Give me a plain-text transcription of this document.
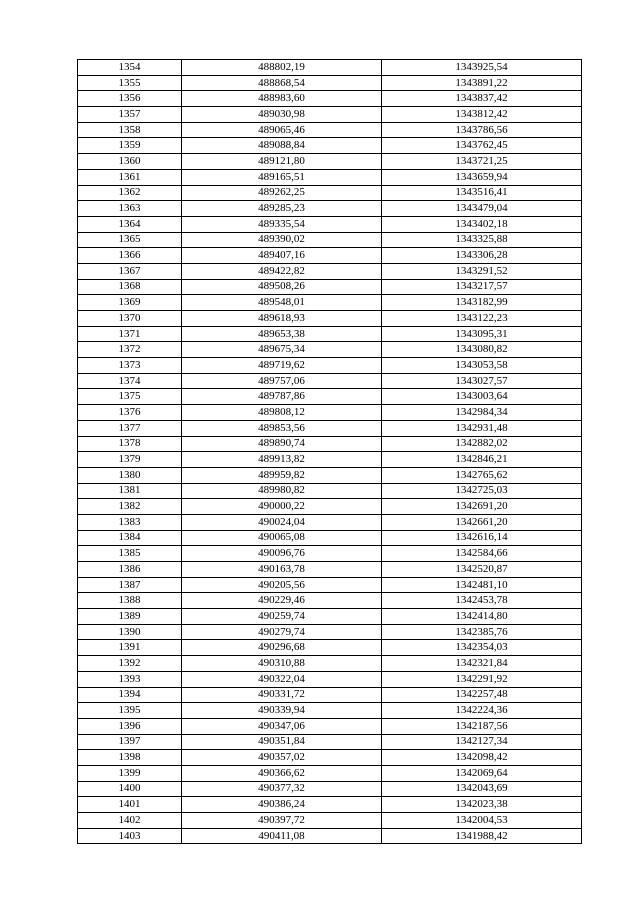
1354	488802,19	1343925,54
1355	488868,54	1343891,22
1356	488983,60	1343837,42
1357	489030,98	1343812,42
1358	489065,46	1343786,56
1359	489088,84	1343762,45
1360	489121,80	1343721,25
1361	489165,51	1343659,94
1362	489262,25	1343516,41
1363	489285,23	1343479,04
1364	489335,54	1343402,18
1365	489390,02	1343325,88
1366	489407,16	1343306,28
1367	489422,82	1343291,52
1368	489508,26	1343217,57
1369	489548,01	1343182,99
1370	489618,93	1343122,23
1371	489653,38	1343095,31
1372	489675,34	1343080,82
1373	489719,62	1343053,58
1374	489757,06	1343027,57
1375	489787,86	1343003,64
1376	489808,12	1342984,34
1377	489853,56	1342931,48
1378	489890,74	1342882,02
1379	489913,82	1342846,21
1380	489959,82	1342765,62
1381	489980,82	1342725,03
1382	490000,22	1342691,20
1383	490024,04	1342661,20
1384	490065,08	1342616,14
1385	490096,76	1342584,66
1386	490163,78	1342520,87
1387	490205,56	1342481,10
1388	490229,46	1342453,78
1389	490259,74	1342414,80
1390	490279,74	1342385,76
1391	490296,68	1342354,03
1392	490310,88	1342321,84
1393	490322,04	1342291,92
1394	490331,72	1342257,48
1395	490339,94	1342224,36
1396	490347,06	1342187,56
1397	490351,84	1342127,34
1398	490357,02	1342098,42
1399	490366,62	1342069,64
1400	490377,32	1342043,69
1401	490386,24	1342023,38
1402	490397,72	1342004,53
1403	490411,08	1341988,42
